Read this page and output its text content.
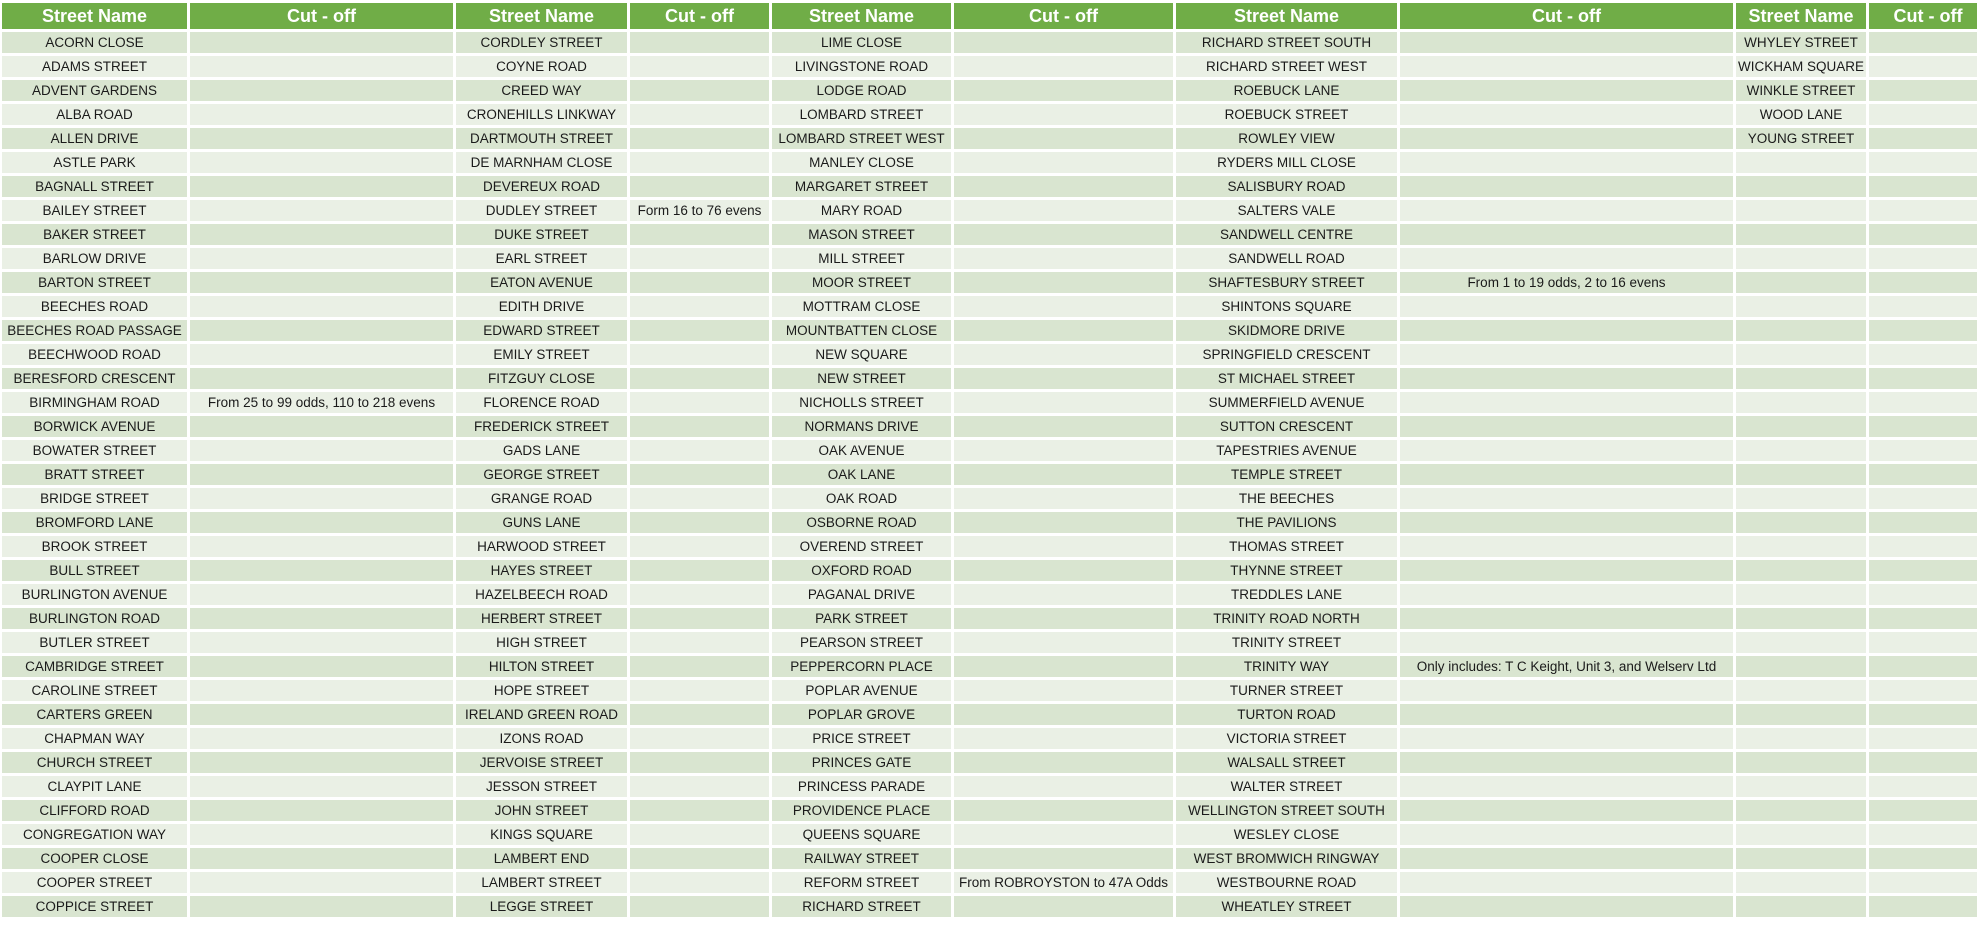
Street Name	Cut - off	Street Name	Cut - off	Street Name	Cut - off	Street Name	Cut - off	Street Name	Cut - off
ACORN CLOSE		CORDLEY STREET		LIME CLOSE		RICHARD STREET SOUTH		WHYLEY STREET	
ADAMS STREET		COYNE ROAD		LIVINGSTONE ROAD		RICHARD STREET WEST		WICKHAM SQUARE	
ADVENT GARDENS		CREED WAY		LODGE ROAD		ROEBUCK LANE		WINKLE STREET	
ALBA ROAD		CRONEHILLS LINKWAY		LOMBARD STREET		ROEBUCK STREET		WOOD LANE	
ALLEN DRIVE		DARTMOUTH STREET		LOMBARD STREET WEST		ROWLEY VIEW		YOUNG STREET	
ASTLE PARK		DE MARNHAM CLOSE		MANLEY CLOSE		RYDERS MILL CLOSE			
BAGNALL STREET		DEVEREUX ROAD		MARGARET STREET		SALISBURY ROAD			
BAILEY STREET		DUDLEY STREET	Form 16 to 76 evens	MARY ROAD		SALTERS VALE			
BAKER STREET		DUKE STREET		MASON STREET		SANDWELL CENTRE			
BARLOW DRIVE		EARL STREET		MILL STREET		SANDWELL ROAD			
BARTON STREET		EATON AVENUE		MOOR STREET		SHAFTESBURY STREET	From 1 to 19 odds, 2 to 16 evens		
BEECHES ROAD		EDITH DRIVE		MOTTRAM CLOSE		SHINTONS SQUARE			
BEECHES ROAD PASSAGE		EDWARD STREET		MOUNTBATTEN CLOSE		SKIDMORE DRIVE			
BEECHWOOD ROAD		EMILY STREET		NEW SQUARE		SPRINGFIELD CRESCENT			
BERESFORD CRESCENT		FITZGUY CLOSE		NEW STREET		ST MICHAEL STREET			
BIRMINGHAM ROAD	From 25 to 99 odds, 110 to 218 evens	FLORENCE ROAD		NICHOLLS STREET		SUMMERFIELD AVENUE			
BORWICK AVENUE		FREDERICK STREET		NORMANS DRIVE		SUTTON CRESCENT			
BOWATER STREET		GADS LANE		OAK AVENUE		TAPESTRIES AVENUE			
BRATT STREET		GEORGE STREET		OAK LANE		TEMPLE STREET			
BRIDGE STREET		GRANGE ROAD		OAK ROAD		THE BEECHES			
BROMFORD LANE		GUNS LANE		OSBORNE ROAD		THE PAVILIONS			
BROOK STREET		HARWOOD STREET		OVEREND STREET		THOMAS STREET			
BULL STREET		HAYES STREET		OXFORD ROAD		THYNNE STREET			
BURLINGTON AVENUE		HAZELBEECH ROAD		PAGANAL DRIVE		TREDDLES LANE			
BURLINGTON ROAD		HERBERT STREET		PARK STREET		TRINITY ROAD NORTH			
BUTLER STREET		HIGH STREET		PEARSON STREET		TRINITY STREET			
CAMBRIDGE STREET		HILTON STREET		PEPPERCORN PLACE		TRINITY WAY	Only includes: T C Keight, Unit 3, and Welserv Ltd		
CAROLINE STREET		HOPE STREET		POPLAR AVENUE		TURNER STREET			
CARTERS GREEN		IRELAND GREEN ROAD		POPLAR GROVE		TURTON ROAD			
CHAPMAN WAY		IZONS ROAD		PRICE STREET		VICTORIA STREET			
CHURCH STREET		JERVOISE STREET		PRINCES GATE		WALSALL STREET			
CLAYPIT LANE		JESSON STREET		PRINCESS PARADE		WALTER STREET			
CLIFFORD ROAD		JOHN STREET		PROVIDENCE PLACE		WELLINGTON STREET SOUTH			
CONGREGATION WAY		KINGS SQUARE		QUEENS SQUARE		WESLEY CLOSE			
COOPER CLOSE		LAMBERT END		RAILWAY STREET		WEST BROMWICH RINGWAY			
COOPER STREET		LAMBERT STREET		REFORM STREET	From ROBROYSTON to 47A Odds	WESTBOURNE ROAD			
COPPICE STREET		LEGGE STREET		RICHARD STREET		WHEATLEY STREET			
